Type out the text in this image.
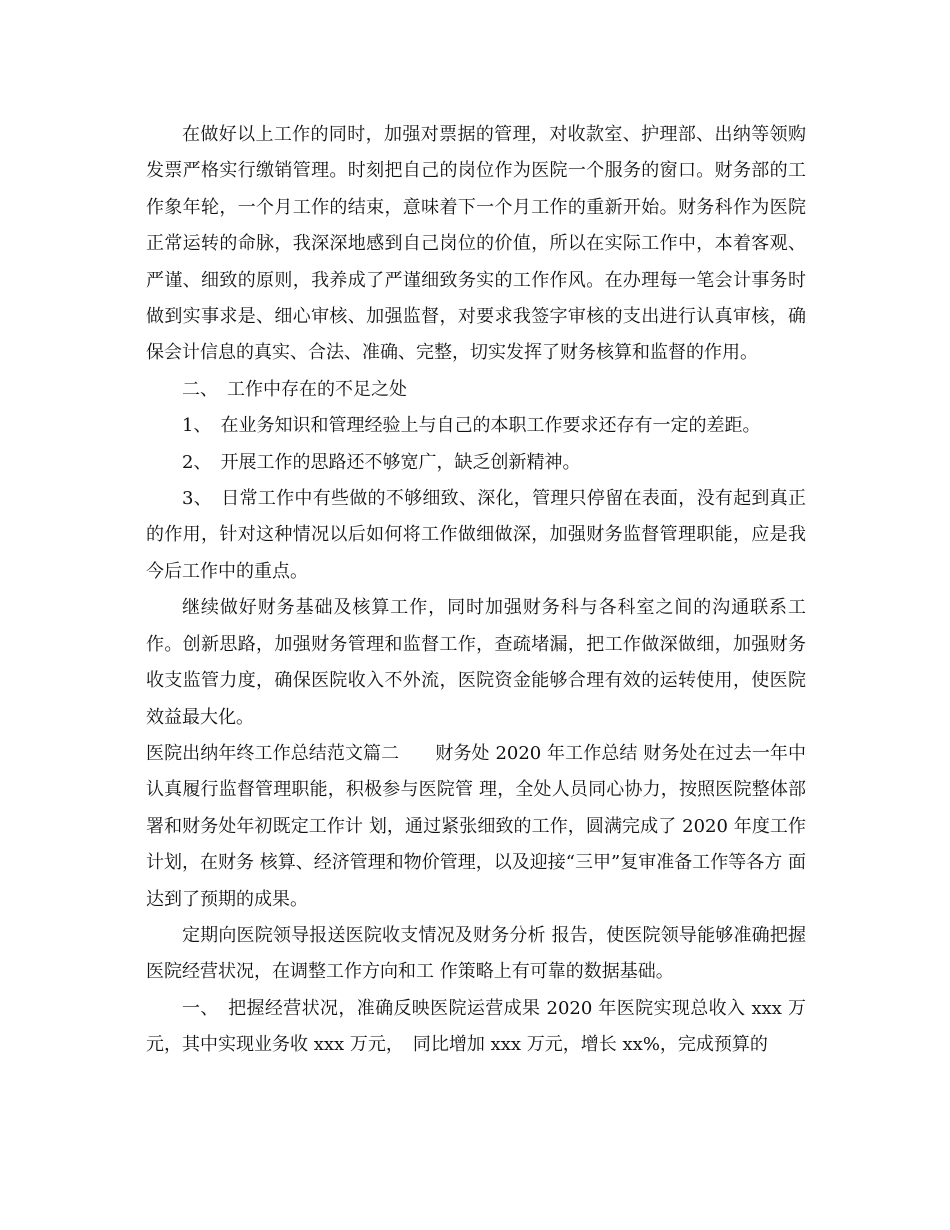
在做好以上工作的同时，加强对票据的管理，对收款室、护理部、出纳等领购发票严格实行缴销管理。时刻把自己的岗位作为医院一个服务的窗口。财务部的工作象年轮，一个月工作的结束，意味着下一个月工作的重新开始。财务科作为医院正常运转的命脉，我深深地感到自己岗位的价值，所以在实际工作中，本着客观、严谨、细致的原则，我养成了严谨细致务实的工作作风。在办理每一笔会计事务时做到实事求是、细心审核、加强监督，对要求我签字审核的支出进行认真审核，确保会计信息的真实、合法、准确、完整，切实发挥了财务核算和监督的作用。

二、　工作中存在的不足之处

1、　在业务知识和管理经验上与自己的本职工作要求还存有一定的差距。

2、　开展工作的思路还不够宽广，缺乏创新精神。

3、　日常工作中有些做的不够细致、深化，管理只停留在表面，没有起到真正的作用，针对这种情况以后如何将工作做细做深，加强财务监督管理职能，应是我今后工作中的重点。

继续做好财务基础及核算工作，同时加强财务科与各科室之间的沟通联系工作。创新思路，加强财务管理和监督工作，查疏堵漏，把工作做深做细，加强财务收支监管力度，确保医院收入不外流，医院资金能够合理有效的运转使用，使医院效益最大化。

医院出纳年终工作总结范文篇二　　财务处 2020 年工作总结 财务处在过去一年中认真履行监督管理职能，积极参与医院管 理，全处人员同心协力，按照医院整体部署和财务处年初既定工作计 划，通过紧张细致的工作，圆满完成了 2020 年度工作计划，在财务 核算、经济管理和物价管理，以及迎接“三甲”复审准备工作等各方 面达到了预期的成果。

定期向医院领导报送医院收支情况及财务分析 报告，使医院领导能够准确把握医院经营状况，在调整工作方向和工 作策略上有可靠的数据基础。

一、　把握经营状况，准确反映医院运营成果 2020 年医院实现总收入 xxx 万元，其中实现业务收 xxx 万元，　同比增加 xxx 万元，增长 xx%，完成预算的
